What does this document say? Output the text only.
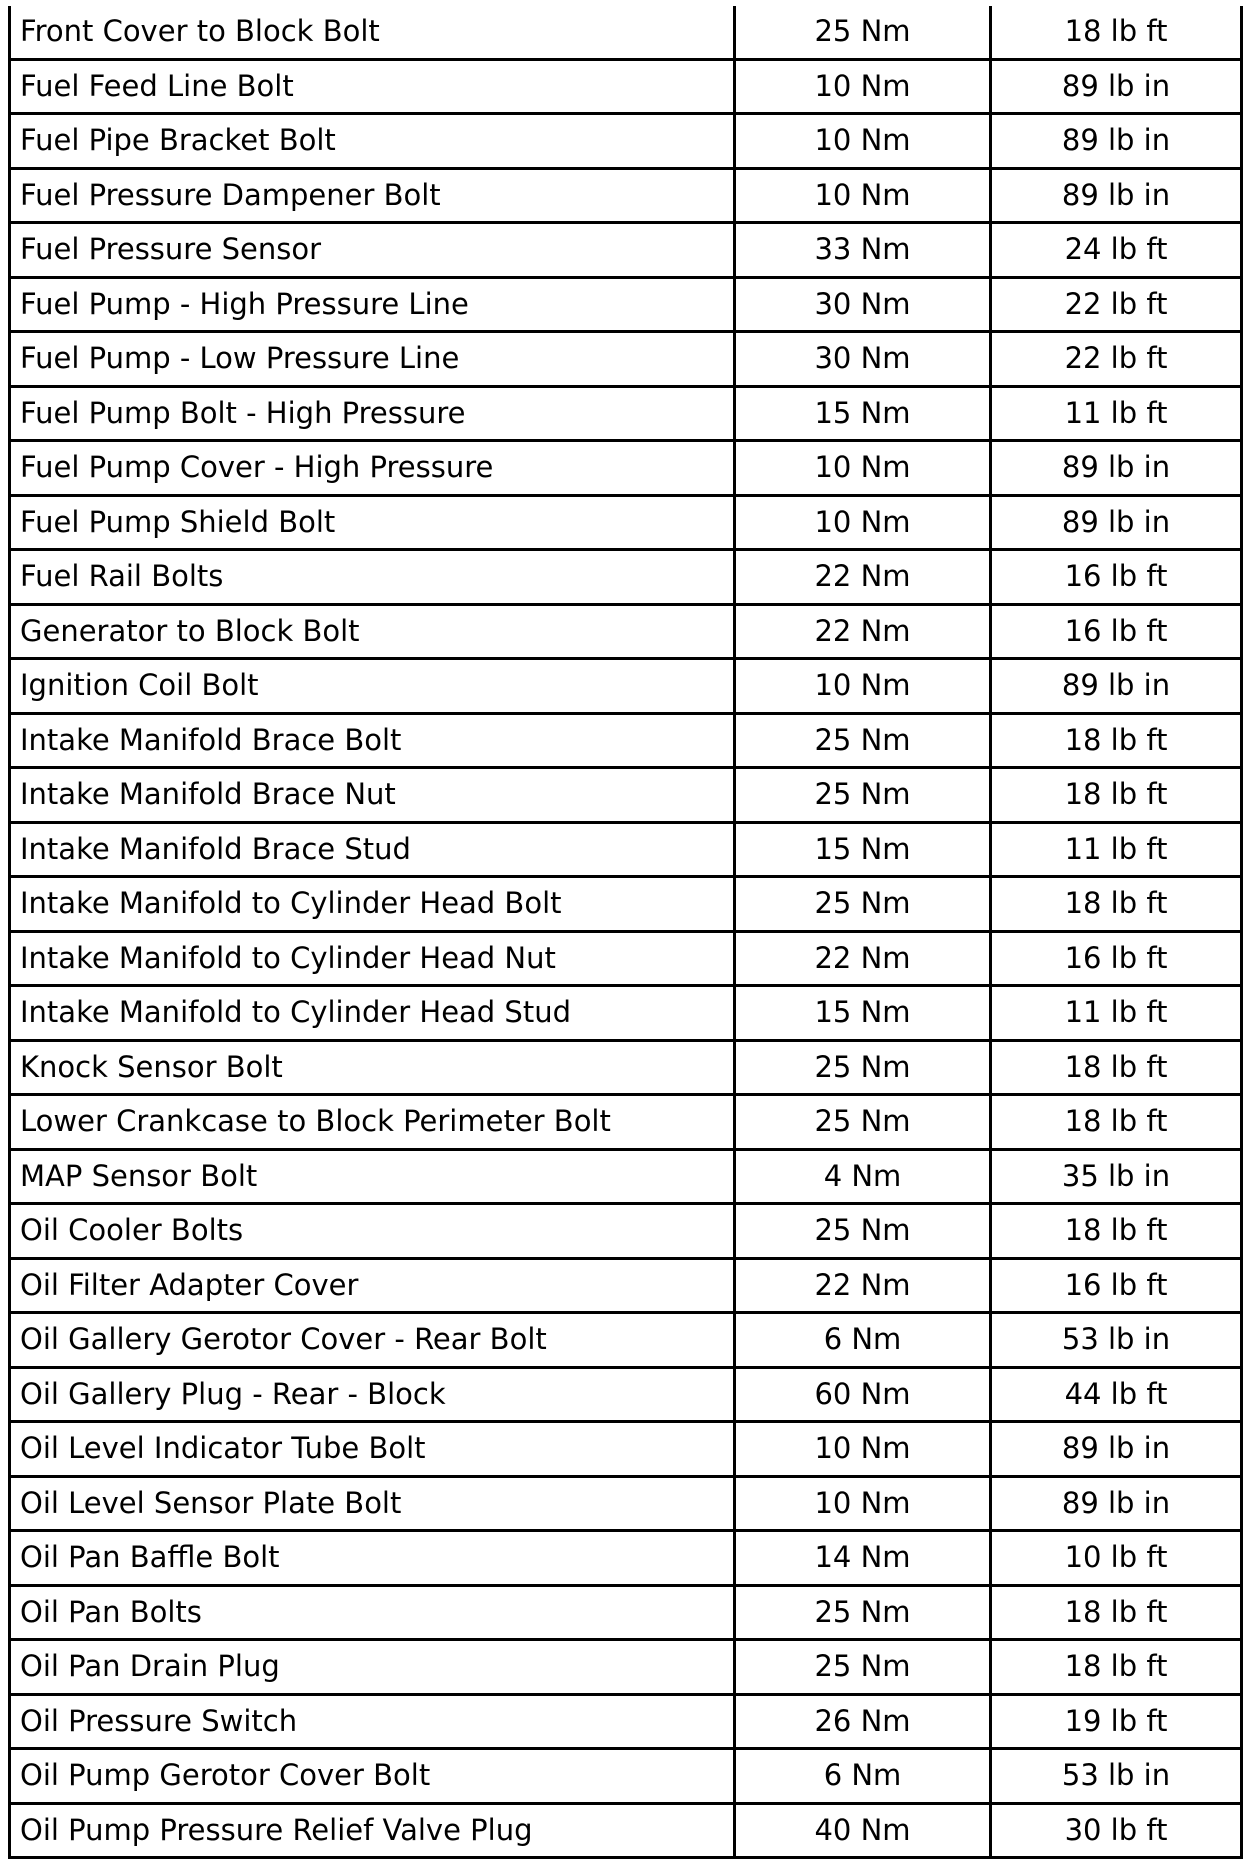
Front Cover to Block Bolt	25 Nm	18 lb ft
Fuel Feed Line Bolt	10 Nm	89 lb in
Fuel Pipe Bracket Bolt	10 Nm	89 lb in
Fuel Pressure Dampener Bolt	10 Nm	89 lb in
Fuel Pressure Sensor	33 Nm	24 lb ft
Fuel Pump - High Pressure Line	30 Nm	22 lb ft
Fuel Pump - Low Pressure Line	30 Nm	22 lb ft
Fuel Pump Bolt - High Pressure	15 Nm	11 lb ft
Fuel Pump Cover - High Pressure	10 Nm	89 lb in
Fuel Pump Shield Bolt	10 Nm	89 lb in
Fuel Rail Bolts	22 Nm	16 lb ft
Generator to Block Bolt	22 Nm	16 lb ft
Ignition Coil Bolt	10 Nm	89 lb in
Intake Manifold Brace Bolt	25 Nm	18 lb ft
Intake Manifold Brace Nut	25 Nm	18 lb ft
Intake Manifold Brace Stud	15 Nm	11 lb ft
Intake Manifold to Cylinder Head Bolt	25 Nm	18 lb ft
Intake Manifold to Cylinder Head Nut	22 Nm	16 lb ft
Intake Manifold to Cylinder Head Stud	15 Nm	11 lb ft
Knock Sensor Bolt	25 Nm	18 lb ft
Lower Crankcase to Block Perimeter Bolt	25 Nm	18 lb ft
MAP Sensor Bolt	4 Nm	35 lb in
Oil Cooler Bolts	25 Nm	18 lb ft
Oil Filter Adapter Cover	22 Nm	16 lb ft
Oil Gallery Gerotor Cover - Rear Bolt	6 Nm	53 lb in
Oil Gallery Plug - Rear - Block	60 Nm	44 lb ft
Oil Level Indicator Tube Bolt	10 Nm	89 lb in
Oil Level Sensor Plate Bolt	10 Nm	89 lb in
Oil Pan Baffle Bolt	14 Nm	10 lb ft
Oil Pan Bolts	25 Nm	18 lb ft
Oil Pan Drain Plug	25 Nm	18 lb ft
Oil Pressure Switch	26 Nm	19 lb ft
Oil Pump Gerotor Cover Bolt	6 Nm	53 lb in
Oil Pump Pressure Relief Valve Plug	40 Nm	30 lb ft
